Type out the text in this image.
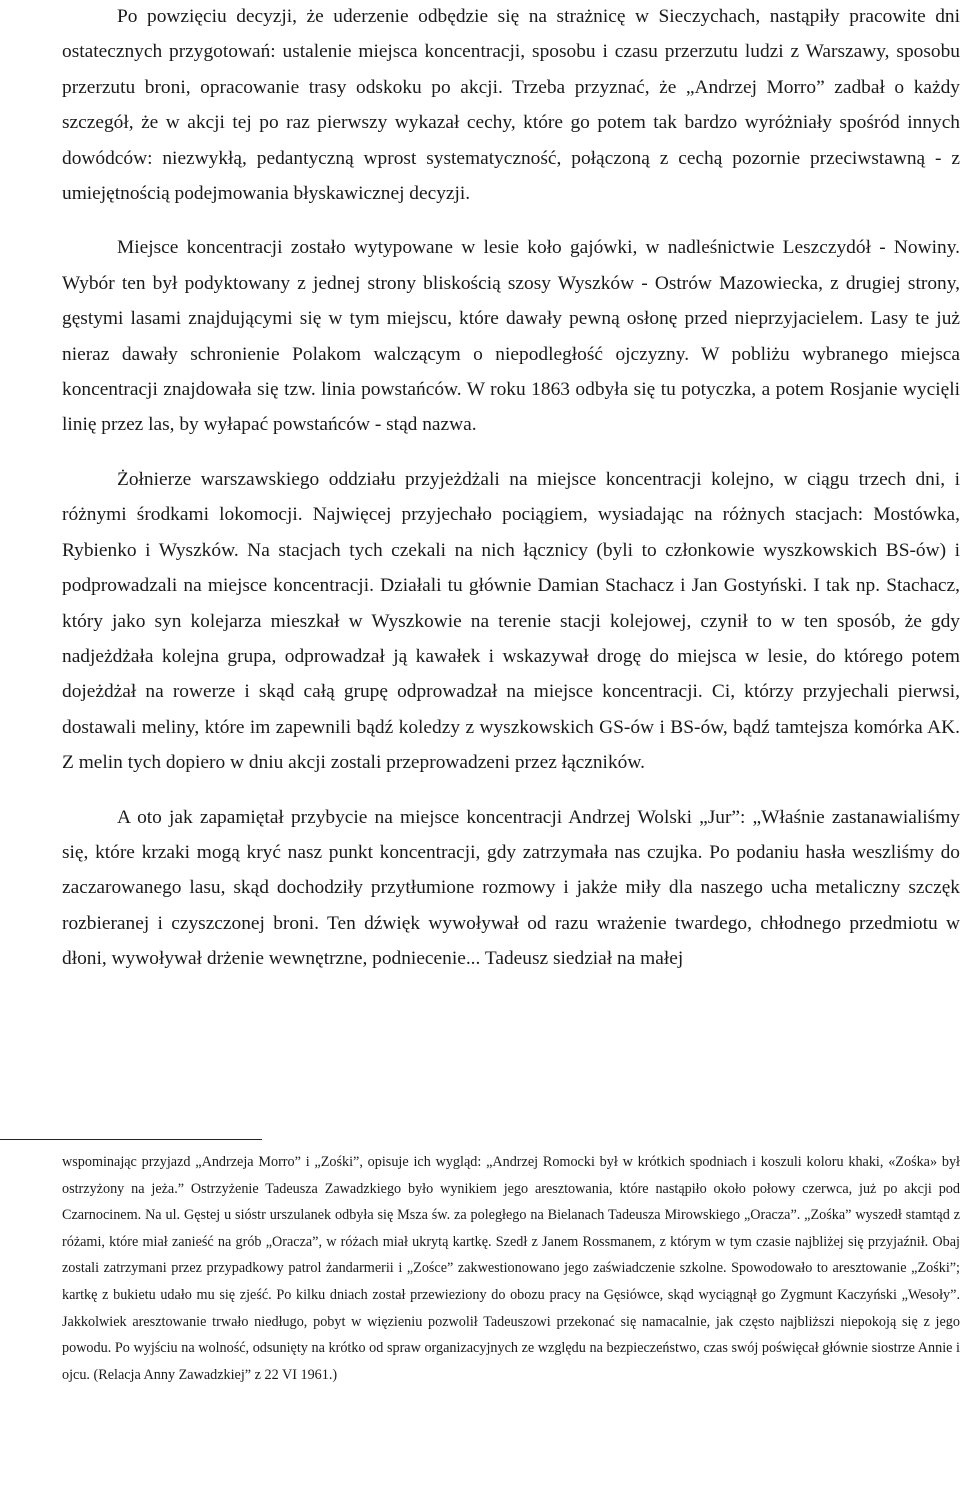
Po powzięciu decyzji, że uderzenie odbędzie się na strażnicę w Sieczychach, nastąpiły pracowite dni ostatecznych przygotowań: ustalenie miejsca koncentracji, sposobu i czasu przerzutu ludzi z Warszawy, sposobu przerzutu broni, opracowanie trasy odskoku po akcji. Trzeba przyznać, że „Andrzej Morro” zadbał o każdy szczegół, że w akcji tej po raz pierwszy wykazał cechy, które go potem tak bardzo wyróżniały spośród innych dowódców: niezwykłą, pedantyczną wprost systematyczność, połączoną z cechą pozornie przeciwstawną - z umiejętnością podejmowania błyskawicznej decyzji.

Miejsce koncentracji zostało wytypowane w lesie koło gajówki, w nadleśnictwie Leszczydół - Nowiny. Wybór ten był podyktowany z jednej strony bliskością szosy Wyszków - Ostrów Mazowiecka, z drugiej strony, gęstymi lasami znajdującymi się w tym miejscu, które dawały pewną osłonę przed nieprzyjacielem. Lasy te już nieraz dawały schronienie Polakom walczącym o niepodległość ojczyzny. W pobliżu wybranego miejsca koncentracji znajdowała się tzw. linia powstańców. W roku 1863 odbyła się tu potyczka, a potem Rosjanie wycięli linię przez las, by wyłapać powstańców - stąd nazwa.

Żołnierze warszawskiego oddziału przyjeżdżali na miejsce koncentracji kolejno, w ciągu trzech dni, i różnymi środkami lokomocji. Najwięcej przyjechało pociągiem, wysiadając na różnych stacjach: Mostówka, Rybienko i Wyszków. Na stacjach tych czekali na nich łącznicy (byli to członkowie wyszkowskich BS-ów) i podprowadzali na miejsce koncentracji. Działali tu głównie Damian Stachacz i Jan Gostyński. I tak np. Stachacz, który jako syn kolejarza mieszkał w Wyszkowie na terenie stacji kolejowej, czynił to w ten sposób, że gdy nadjeżdżała kolejna grupa, odprowadzał ją kawałek i wskazywał drogę do miejsca w lesie, do którego potem dojeżdżał na rowerze i skąd całą grupę odprowadzał na miejsce koncentracji. Ci, którzy przyjechali pierwsi, dostawali meliny, które im zapewnili bądź koledzy z wyszkowskich GS-ów i BS-ów, bądź tamtejsza komórka AK. Z melin tych dopiero w dniu akcji zostali przeprowadzeni przez łączników.

A oto jak zapamiętał przybycie na miejsce koncentracji Andrzej Wolski „Jur”: „Właśnie zastanawialiśmy się, które krzaki mogą kryć nasz punkt koncentracji, gdy zatrzymała nas czujka. Po podaniu hasła weszliśmy do zaczarowanego lasu, skąd dochodziły przytłumione rozmowy i jakże miły dla naszego ucha metaliczny szczęk rozbieranej i czyszczonej broni. Ten dźwięk wywoływał od razu wrażenie twardego, chłodnego przedmiotu w dłoni, wywoływał drżenie wewnętrzne, podniecenie... Tadeusz siedział na małej

wspominając przyjazd „Andrzeja Morro” i „Zośki”, opisuje ich wygląd: „Andrzej Romocki był w krótkich spodniach i koszuli koloru khaki, «Zośka» był ostrzyżony na jeża.” Ostrzyżenie Tadeusza Zawadzkiego było wynikiem jego aresztowania, które nastąpiło około połowy czerwca, już po akcji pod Czarnocinem. Na ul. Gęstej u sióstr urszulanek odbyła się Msza św. za poległego na Bielanach Tadeusza Mirowskiego „Oracza”. „Zośka” wyszedł stamtąd z różami, które miał zanieść na grób „Oracza”, w różach miał ukrytą kartkę. Szedł z Janem Rossmanem, z którym w tym czasie najbliżej się przyjaźnił. Obaj zostali zatrzymani przez przypadkowy patrol żandarmerii i „Zośce” zakwestionowano jego zaświadczenie szkolne. Spowodowało to aresztowanie „Zośki”; kartkę z bukietu udało mu się zjeść. Po kilku dniach został przewieziony do obozu pracy na Gęsiówce, skąd wyciągnął go Zygmunt Kaczyński „Wesoły”. Jakkolwiek aresztowanie trwało niedługo, pobyt w więzieniu pozwolił Tadeuszowi przekonać się namacalnie, jak często najbliższi niepokoją się z jego powodu. Po wyjściu na wolność, odsunięty na krótko od spraw organizacyjnych ze względu na bezpieczeństwo, czas swój poświęcał głównie siostrze Annie i ojcu. (Relacja Anny Zawadzkiej” z 22 VI 1961.)
